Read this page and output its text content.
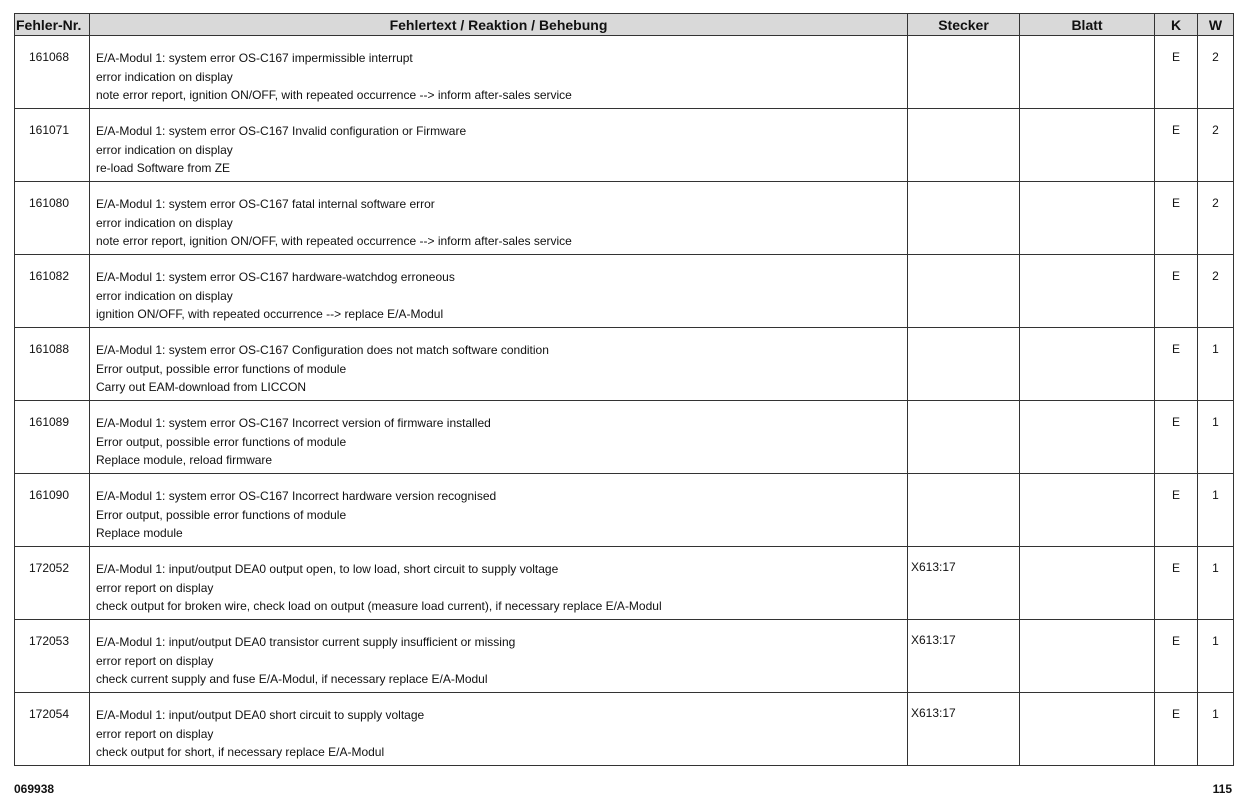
Fehler-Nr.	Fehlertext / Reaktion / Behebung	Stecker	Blatt	K	W
161068	E/A-Modul 1: system error OS-C167 impermissible interrupt
error indication on display
note error report, ignition ON/OFF, with repeated occurrence --> inform after-sales service			E	2
161071	E/A-Modul 1: system error OS-C167 Invalid configuration or Firmware
error indication on display
re-load Software from ZE			E	2
161080	E/A-Modul 1: system error OS-C167 fatal internal software error
error indication on display
note error report, ignition ON/OFF, with repeated occurrence --> inform after-sales service			E	2
161082	E/A-Modul 1: system error OS-C167 hardware-watchdog erroneous
error indication on display
ignition ON/OFF, with repeated occurrence --> replace E/A-Modul			E	2
161088	E/A-Modul 1: system error OS-C167 Configuration does not match software condition
Error output, possible error functions of module
Carry out EAM-download from LICCON			E	1
161089	E/A-Modul 1: system error OS-C167 Incorrect version of firmware installed
Error output, possible error functions of module
Replace module, reload firmware			E	1
161090	E/A-Modul 1: system error OS-C167 Incorrect hardware version recognised
Error output, possible error functions of module
Replace module			E	1
172052	E/A-Modul 1: input/output DEA0 output open, to low load, short circuit to supply voltage
error report on display
check output for broken wire, check load on output (measure load current), if necessary replace E/A-Modul	X613:17		E	1
172053	E/A-Modul 1: input/output DEA0 transistor current supply insufficient or missing
error report on display
check current supply and fuse E/A-Modul, if necessary replace E/A-Modul	X613:17		E	1
172054	E/A-Modul 1: input/output DEA0 short circuit to supply voltage
error report on display
check output for short, if necessary replace E/A-Modul	X613:17		E	1
069938	115
